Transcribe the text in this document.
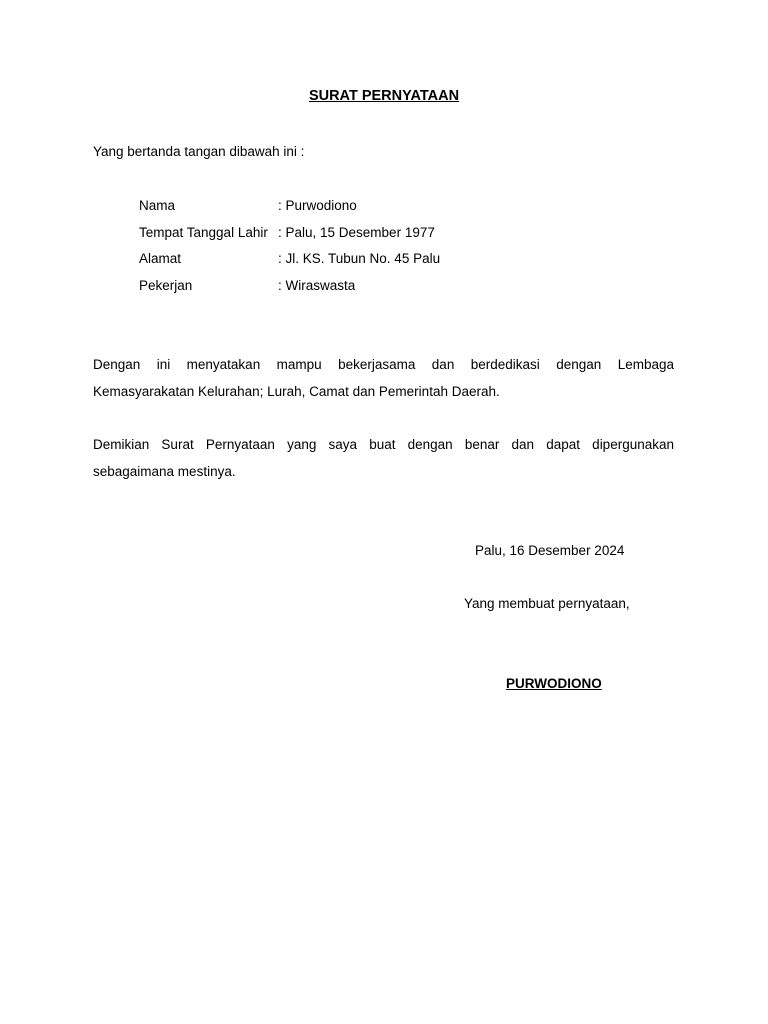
SURAT PERNYATAAN
Yang bertanda tangan dibawah ini :
Nama	: Purwodiono
Tempat Tanggal Lahir : Palu, 15 Desember 1977
Alamat	: Jl. KS. Tubun No. 45 Palu
Pekerjan	: Wiraswasta
Dengan ini menyatakan mampu bekerjasama dan berdedikasi dengan Lembaga Kemasyarakatan Kelurahan; Lurah, Camat dan Pemerintah Daerah.
Demikian Surat Pernyataan yang saya buat dengan benar dan dapat dipergunakan sebagaimana mestinya.
Palu, 16 Desember 2024
Yang membuat pernyataan,
PURWODIONO
